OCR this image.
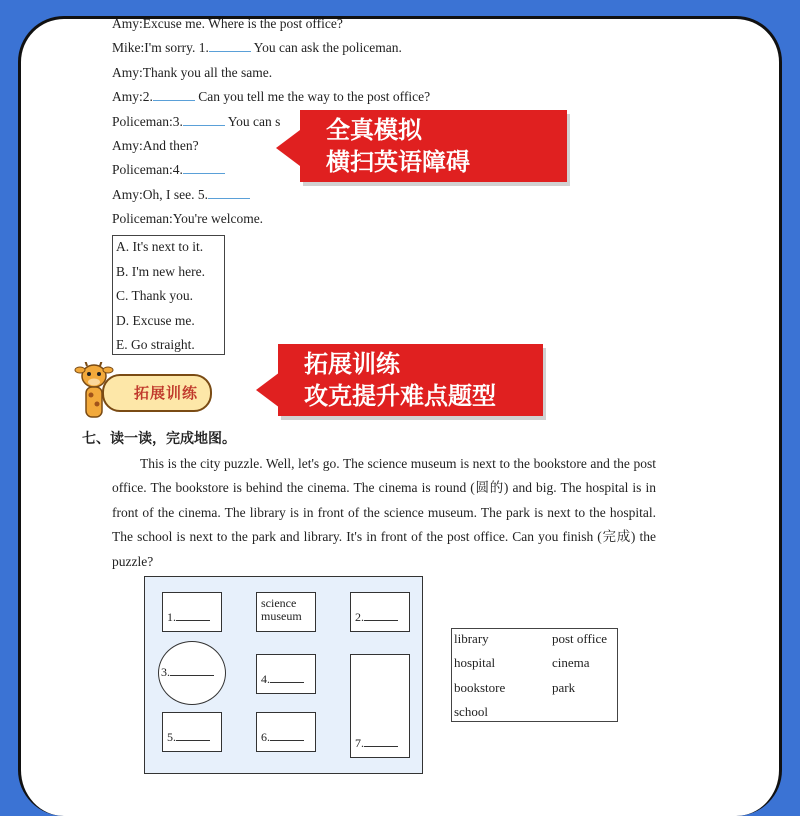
Amy:Excuse me. Where is the post office?
Mike:I'm sorry. 1.	You can ask the policeman.
Amy:Thank you all the same.
Amy:2.	Can you tell me the way to the post office?
Policeman:3.	You can s
Amy:And then?
Policeman:4.
Amy:Oh, I see. 5.
Policeman:You're welcome.
A. It's next to it.
B. I'm new here.
C. Thank you.
D. Excuse me.
E. Go straight.
全真模拟
横扫英语障碍
拓展训练
攻克提升难点题型
拓展训练
七、读一读，完成地图。
This is the city puzzle. Well, let's go. The science museum is next to the bookstore and the post office. The bookstore is behind the cinema. The cinema is round (圆的) and big. The hospital is in front of the cinema. The library is in front of the science museum. The park is next to the hospital. The school is next to the park and library. It's in front of the post office. Can you finish (完成) the puzzle?
1.
science
museum	2.
3.	4.
7.
5.	6.
library	post office
hospital	cinema
bookstore	park
school
